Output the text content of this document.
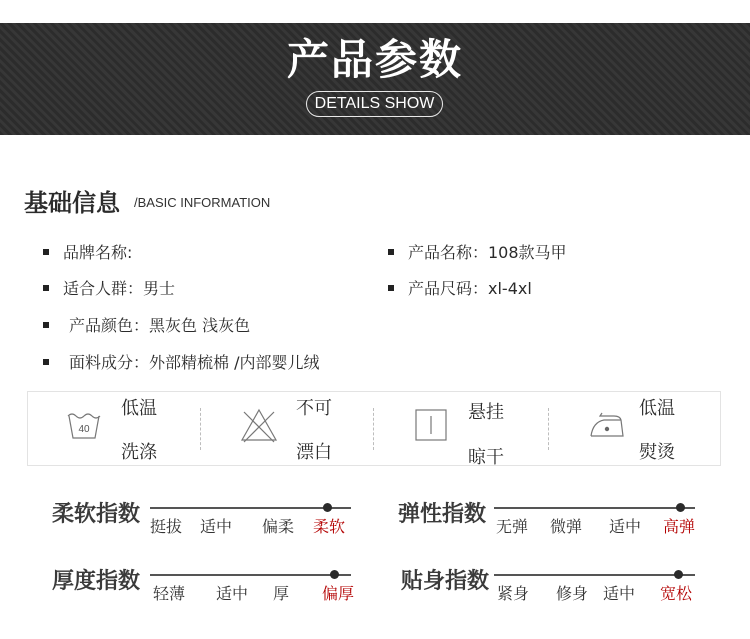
产品参数
DETAILS SHOW
基础信息 /BASIC INFORMATION
品牌名称:	产品名称：108款马甲
适合人群：男士	产品尺码：xl-4xl
产品颜色：黑灰色 浅灰色
面料成分：外部精梳棉 /内部婴儿绒
40
低温
洗涤
不可
漂白
悬挂
晾干
低温
熨烫
柔软指数 挺拔 适中 偏柔 柔软 弹性指数 无弹 微弹 适中 高弹
厚度指数 轻薄 适中 厚 偏厚 贴身指数 紧身 修身 适中 宽松
